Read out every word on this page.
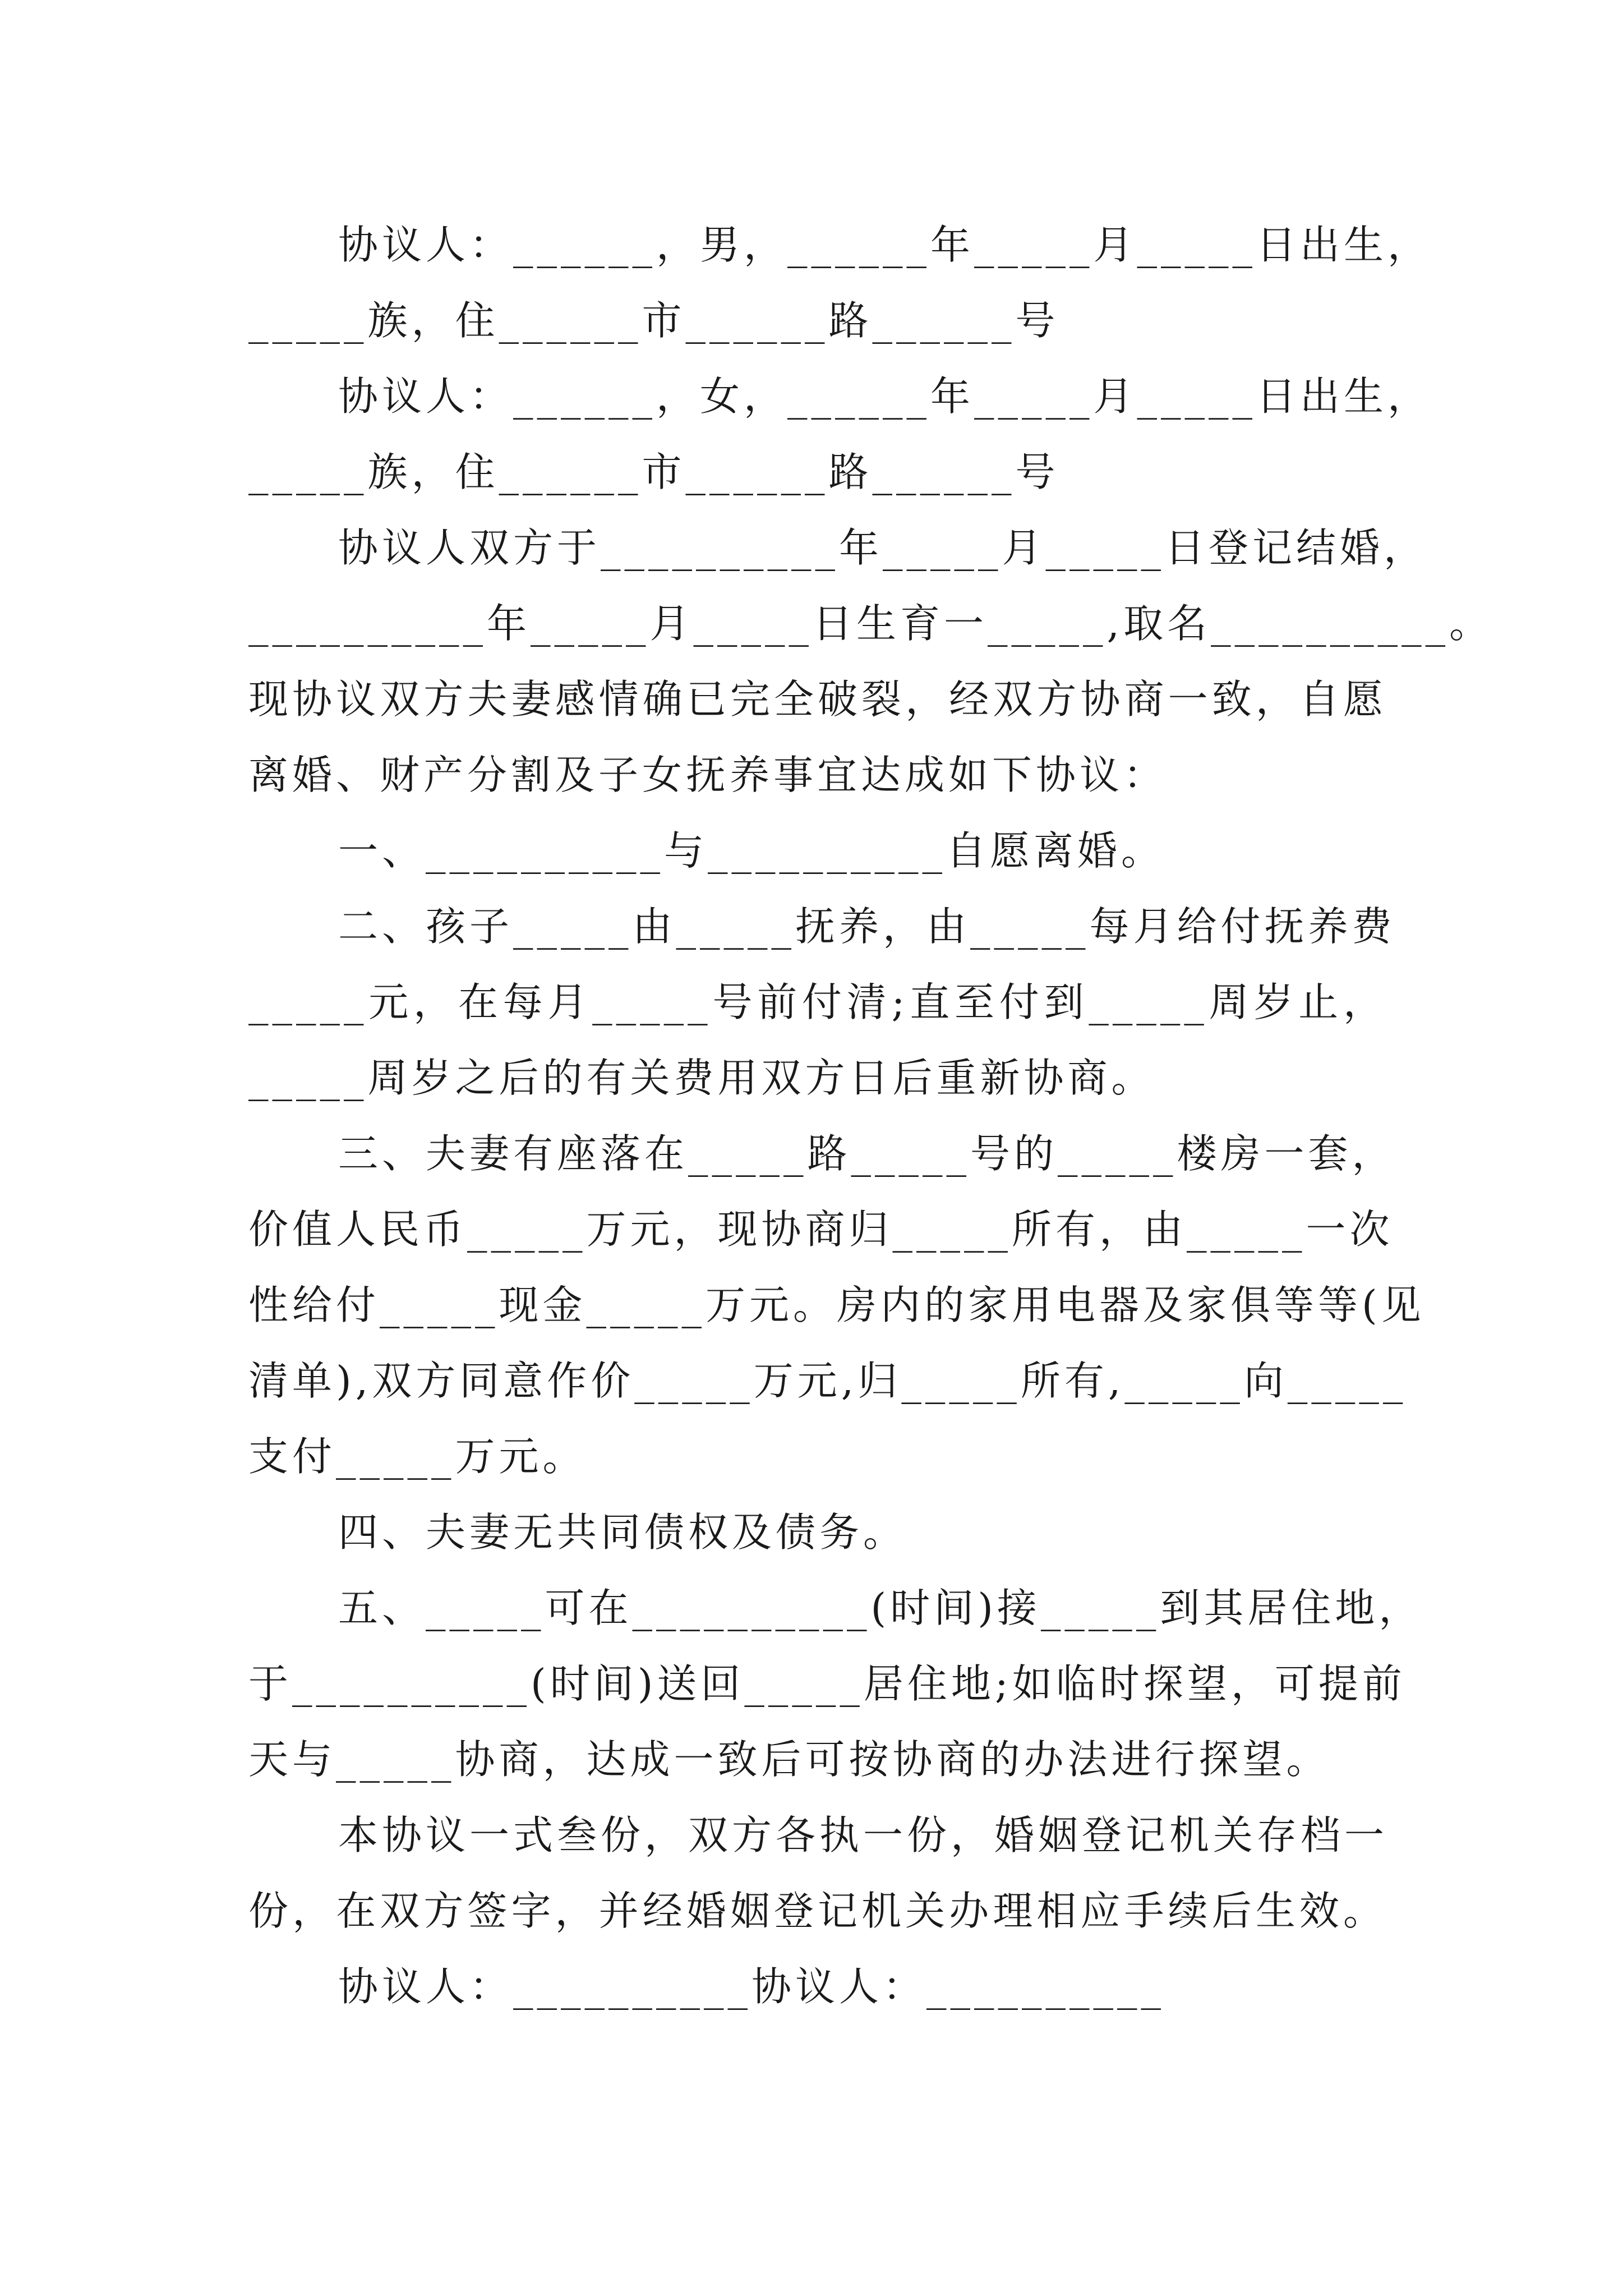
协议人：______，男，______年_____月_____日出生，
_____族，住______市______路______号
协议人：______，女，______年_____月_____日出生，
_____族，住______市______路______号
协议人双方于__________年_____月_____日登记结婚，
__________年_____月_____日生育一_____,取名__________。
现协议双方夫妻感情确已完全破裂，经双方协商一致，自愿
离婚、财产分割及子女抚养事宜达成如下协议：
一、__________与__________自愿离婚。
二、孩子_____由_____抚养，由_____每月给付抚养费
_____元，在每月_____号前付清;直至付到_____周岁止，
_____周岁之后的有关费用双方日后重新协商。
三、夫妻有座落在_____路_____号的_____楼房一套，
价值人民币_____万元，现协商归_____所有，由_____一次
性给付_____现金_____万元。房内的家用电器及家俱等等(见
清单),双方同意作价_____万元,归_____所有,_____向_____
支付_____万元。
四、夫妻无共同债权及债务。
五、_____可在__________(时间)接_____到其居住地，
于__________(时间)送回_____居住地;如临时探望，可提前
天与_____协商，达成一致后可按协商的办法进行探望。
本协议一式叁份，双方各执一份，婚姻登记机关存档一
份，在双方签字，并经婚姻登记机关办理相应手续后生效。
协议人：__________协议人：__________
